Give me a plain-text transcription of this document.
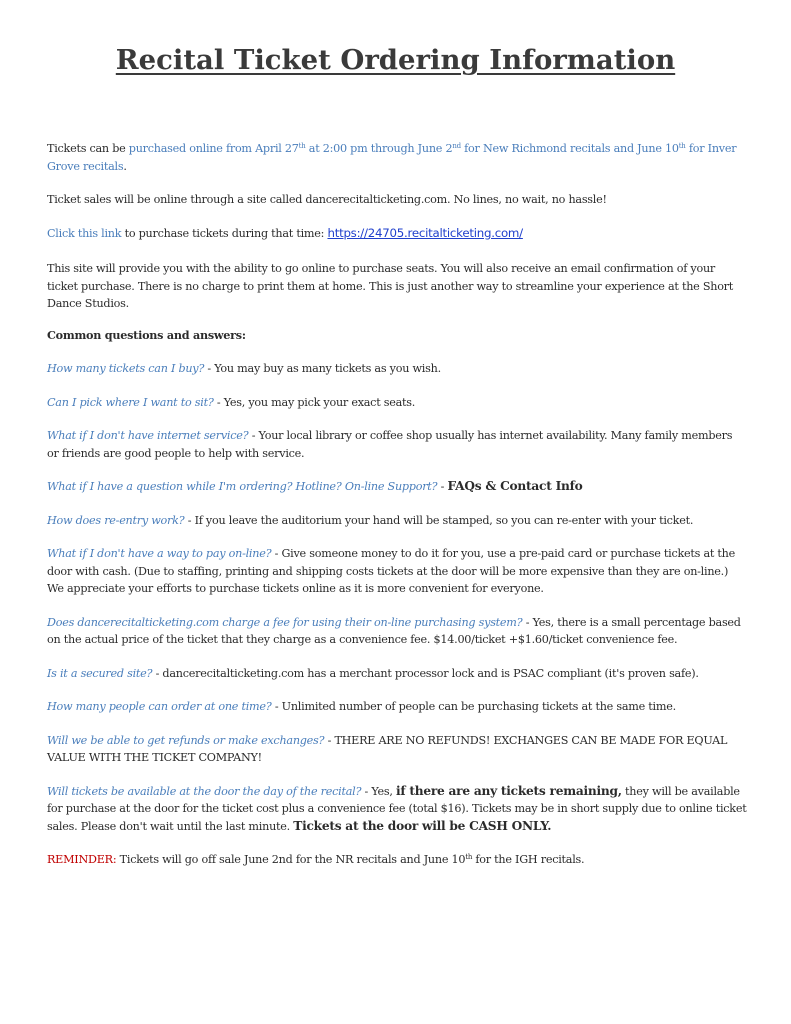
Recital Ticket Ordering Information

Tickets can be purchased online from April 27th at 2:00 pm through June 2nd for New Richmond recitals and June 10th for Inver Grove recitals.

Ticket sales will be online through a site called dancerecitalticketing.com. No lines, no wait, no hassle!

Click this link to purchase tickets during that time: https://24705.recitalticketing.com/

This site will provide you with the ability to go online to purchase seats. You will also receive an email confirmation of your ticket purchase. There is no charge to print them at home. This is just another way to streamline your experience at the Short Dance Studios.

Common questions and answers:

How many tickets can I buy? - You may buy as many tickets as you wish.

Can I pick where I want to sit? - Yes, you may pick your exact seats.

What if I don't have internet service? - Your local library or coffee shop usually has internet availability. Many family members or friends are good people to help with service.

What if I have a question while I'm ordering? Hotline? On-line Support? - FAQs & Contact Info

How does re-entry work? - If you leave the auditorium your hand will be stamped, so you can re-enter with your ticket.

What if I don't have a way to pay on-line? - Give someone money to do it for you, use a pre-paid card or purchase tickets at the door with cash. (Due to staffing, printing and shipping costs tickets at the door will be more expensive than they are on-line.) We appreciate your efforts to purchase tickets online as it is more convenient for everyone.

Does dancerecitalticketing.com charge a fee for using their on-line purchasing system? - Yes, there is a small percentage based on the actual price of the ticket that they charge as a convenience fee. $14.00/ticket +$1.60/ticket convenience fee.

Is it a secured site? - dancerecitalticketing.com has a merchant processor lock and is PSAC compliant (it's proven safe).

How many people can order at one time? - Unlimited number of people can be purchasing tickets at the same time.

Will we be able to get refunds or make exchanges? - THERE ARE NO REFUNDS! EXCHANGES CAN BE MADE FOR EQUAL VALUE WITH THE TICKET COMPANY!

Will tickets be available at the door the day of the recital? - Yes, if there are any tickets remaining, they will be available for purchase at the door for the ticket cost plus a convenience fee (total $16). Tickets may be in short supply due to online ticket sales. Please don't wait until the last minute. Tickets at the door will be CASH ONLY.

REMINDER: Tickets will go off sale June 2nd for the NR recitals and June 10th for the IGH recitals.
